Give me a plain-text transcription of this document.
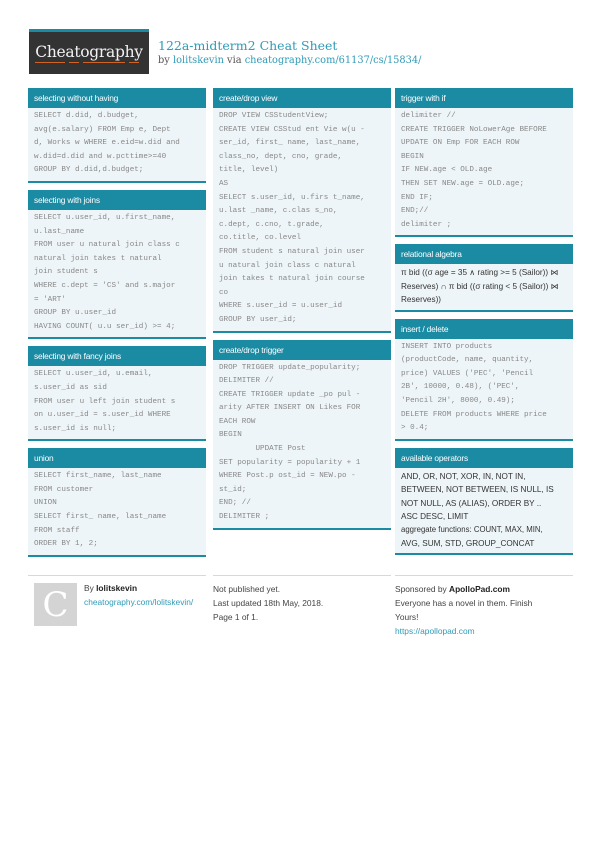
Cheatography 122a-midterm2 Cheat Sheet
by lolitskevin via cheatography.com/61137/cs/15834/
selecting without having
SELECT d.did, d.budget,
avg(e.salary) FROM Emp e, Dept
d, Works w WHERE e.eid=w.did and
w.did=d.did and w.pcttime>=40
GROUP BY d.did,d.budget;
selecting with joins
SELECT u.user_id, u.first_name,
u.last_name
FROM user u natural join class c
natural join takes t natural
join student s
WHERE c.dept = 'CS' and s.major
= 'ART'
GROUP BY u.user_id
HAVING COUNT( u.u ser_id) >= 4;
selecting with fancy joins
SELECT u.user_id, u.email,
s.user_id as sid
FROM user u left join student s
on u.user_id = s.user_id WHERE
s.user_id is null;
union
SELECT first_name, last_name
FROM customer
UNION
SELECT first_ name, last_name
FROM staff
ORDER BY 1, 2;
create/drop view
DROP VIEW CSStudentView;
CREATE VIEW CSStud ent Vie w(u -
ser_id, first_ name, last_name,
class_no, dept, cno, grade,
title, level)
AS
SELECT s.user_id, u.firs t_name,
u.last _name, c.clas s_no,
c.dept, c.cno, t.grade,
co.title, co.level
FROM student s natural join user
u natural join class c natural
join takes t natural join course
co
WHERE s.user_id = u.user_id
GROUP BY user_id;
create/drop trigger
DROP TRIGGER update_popularity;
DELIMITER //
CREATE TRIGGER update _po pul -
arity AFTER INSERT ON Likes FOR
EACH ROW
BEGIN
UPDATE Post
SET popularity = popularity + 1
WHERE Post.p ost_id = NEW.po -
st_id;
END; //
DELIMITER ;
trigger with if
delimiter //
CREATE TRIGGER NoLowerAge BEFORE
UPDATE ON Emp FOR EACH ROW
BEGIN
IF NEW.age < OLD.age
THEN SET NEW.age = OLD.age;
END IF;
END;//
delimiter ;
relational algebra
π bid ((σ age = 35 ∧ rating >= 5 (Sailor)) ⋈
Reserves) ∩ π bid ((σ rating < 5 (Sailor)) ⋈
Reserves))
insert / delete
INSERT INTO products
(productCode, name, quantity,
price) VALUES ('PEC', 'Pencil
2B', 10000, 0.48), ('PEC',
'Pencil 2H', 8000, 0.49);
DELETE FROM products WHERE price
> 0.4;
available operators
AND, OR, NOT, XOR, IN, NOT IN,
BETWEEN, NOT BETWEEN, IS NULL, IS
NOT NULL, AS (ALIAS), ORDER BY ..
ASC DESC, LIMIT
aggregate functions: COUNT, MAX, MIN,
AVG, SUM, STD, GROUP_CONCAT
C By lolitskevin
cheatography.com/lolitskevin/
Not published yet.
Last updated 18th May, 2018.
Page 1 of 1.
Sponsored by ApolloPad.com
Everyone has a novel in them. Finish
Yours!
https://apollopad.com
